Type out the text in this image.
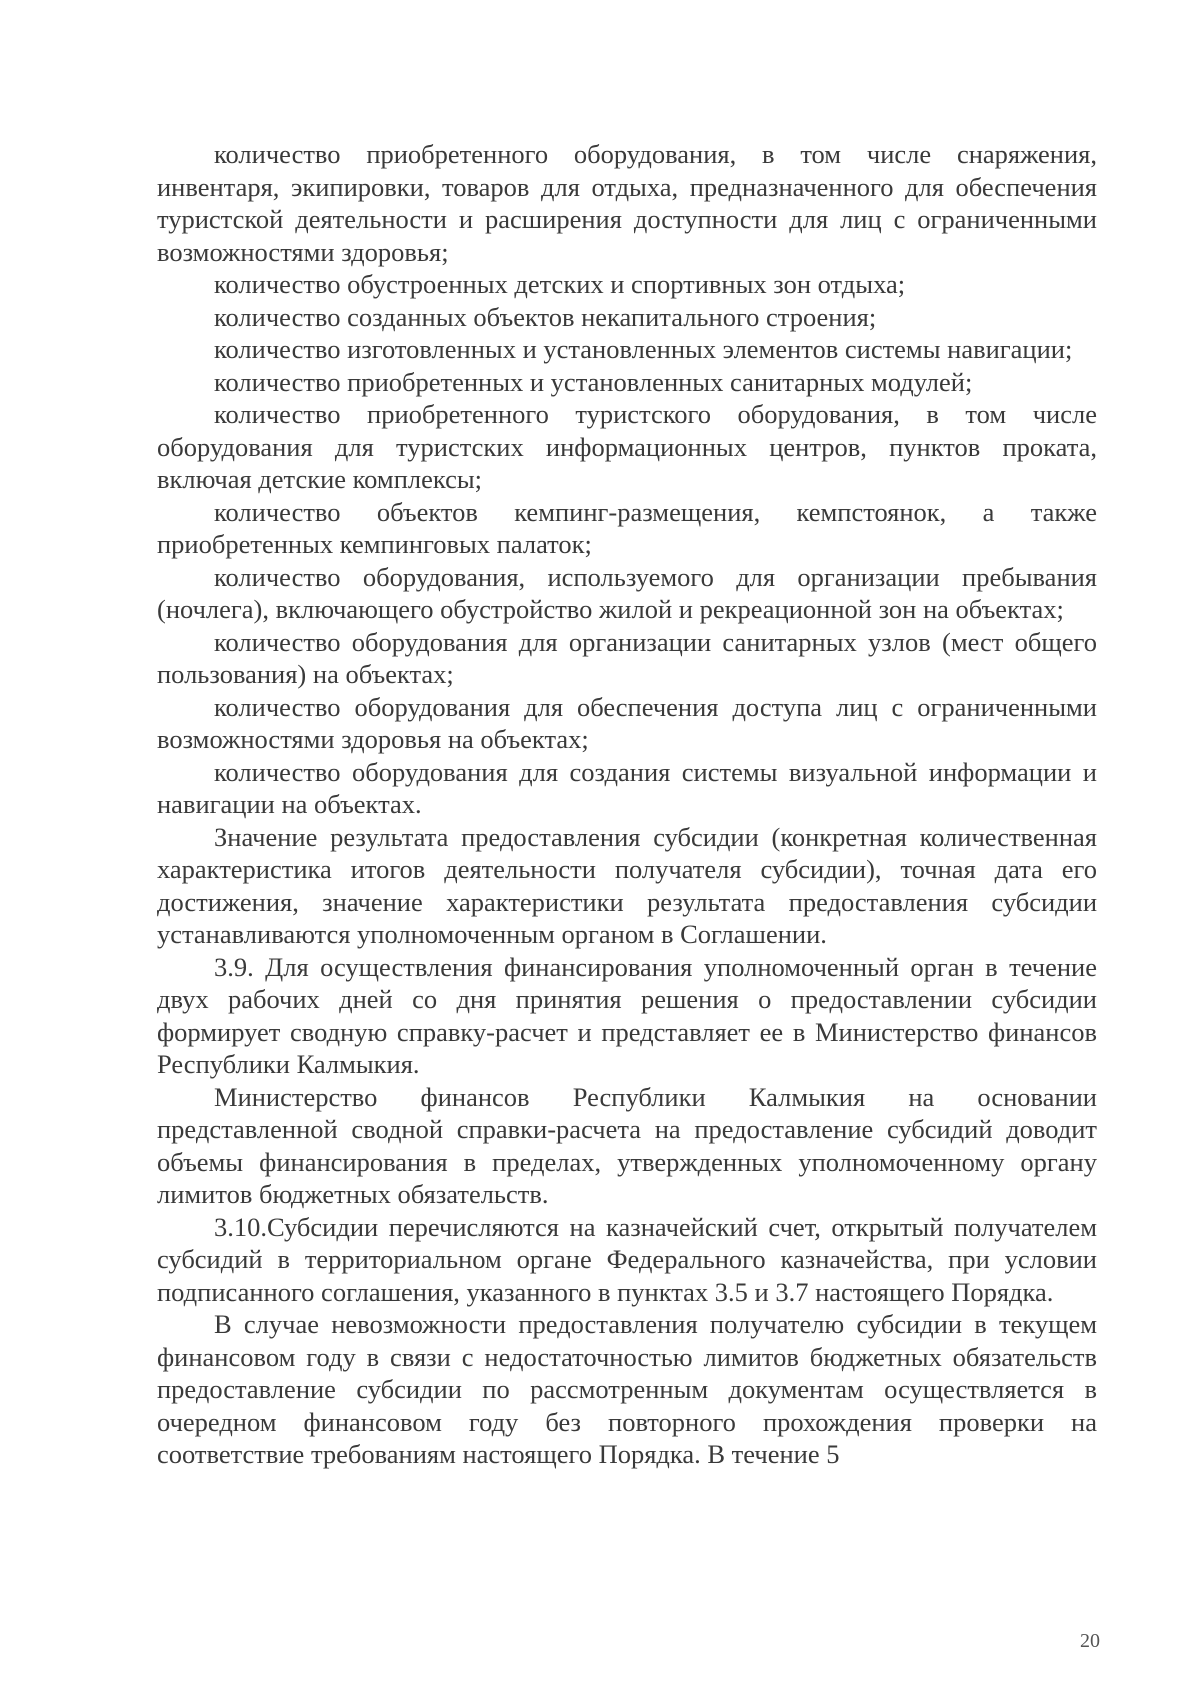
количество приобретенного оборудования, в том числе снаряжения, инвентаря, экипировки, товаров для отдыха, предназначенного для обеспечения туристской деятельности и расширения доступности для лиц с ограниченными возможностями здоровья;

количество обустроенных детских и спортивных зон отдыха;

количество созданных объектов некапитального строения;

количество изготовленных и установленных элементов системы навигации;

количество приобретенных и установленных санитарных модулей;

количество приобретенного туристского оборудования, в том числе оборудования для туристских информационных центров, пунктов проката, включая детские комплексы;

количество объектов кемпинг-размещения, кемпстоянок, а также приобретенных кемпинговых палаток;

количество оборудования, используемого для организации пребывания (ночлега), включающего обустройство жилой и рекреационной зон на объектах;

количество оборудования для организации санитарных узлов (мест общего пользования) на объектах;

количество оборудования для обеспечения доступа лиц с ограниченными возможностями здоровья на объектах;

количество оборудования для создания системы визуальной информации и навигации на объектах.

Значение результата предоставления субсидии (конкретная количественная характеристика итогов деятельности получателя субсидии), точная дата его достижения, значение характеристики результата предоставления субсидии устанавливаются уполномоченным органом в Соглашении.

3.9. Для осуществления финансирования уполномоченный орган в течение двух рабочих дней со дня принятия решения о предоставлении субсидии формирует сводную справку-расчет и представляет ее в Министерство финансов Республики Калмыкия.

Министерство финансов Республики Калмыкия на основании представленной сводной справки-расчета на предоставление субсидий доводит объемы финансирования в пределах, утвержденных уполномоченному органу лимитов бюджетных обязательств.

3.10.Субсидии перечисляются на казначейский счет, открытый получателем субсидий в территориальном органе Федерального казначейства, при условии подписанного соглашения, указанного в пунктах 3.5 и 3.7 настоящего Порядка.

В случае невозможности предоставления получателю субсидии в текущем финансовом году в связи с недостаточностью лимитов бюджетных обязательств предоставление субсидии по рассмотренным документам осуществляется в очередном финансовом году без повторного прохождения проверки на соответствие требованиям настоящего Порядка. В течение 5

20
